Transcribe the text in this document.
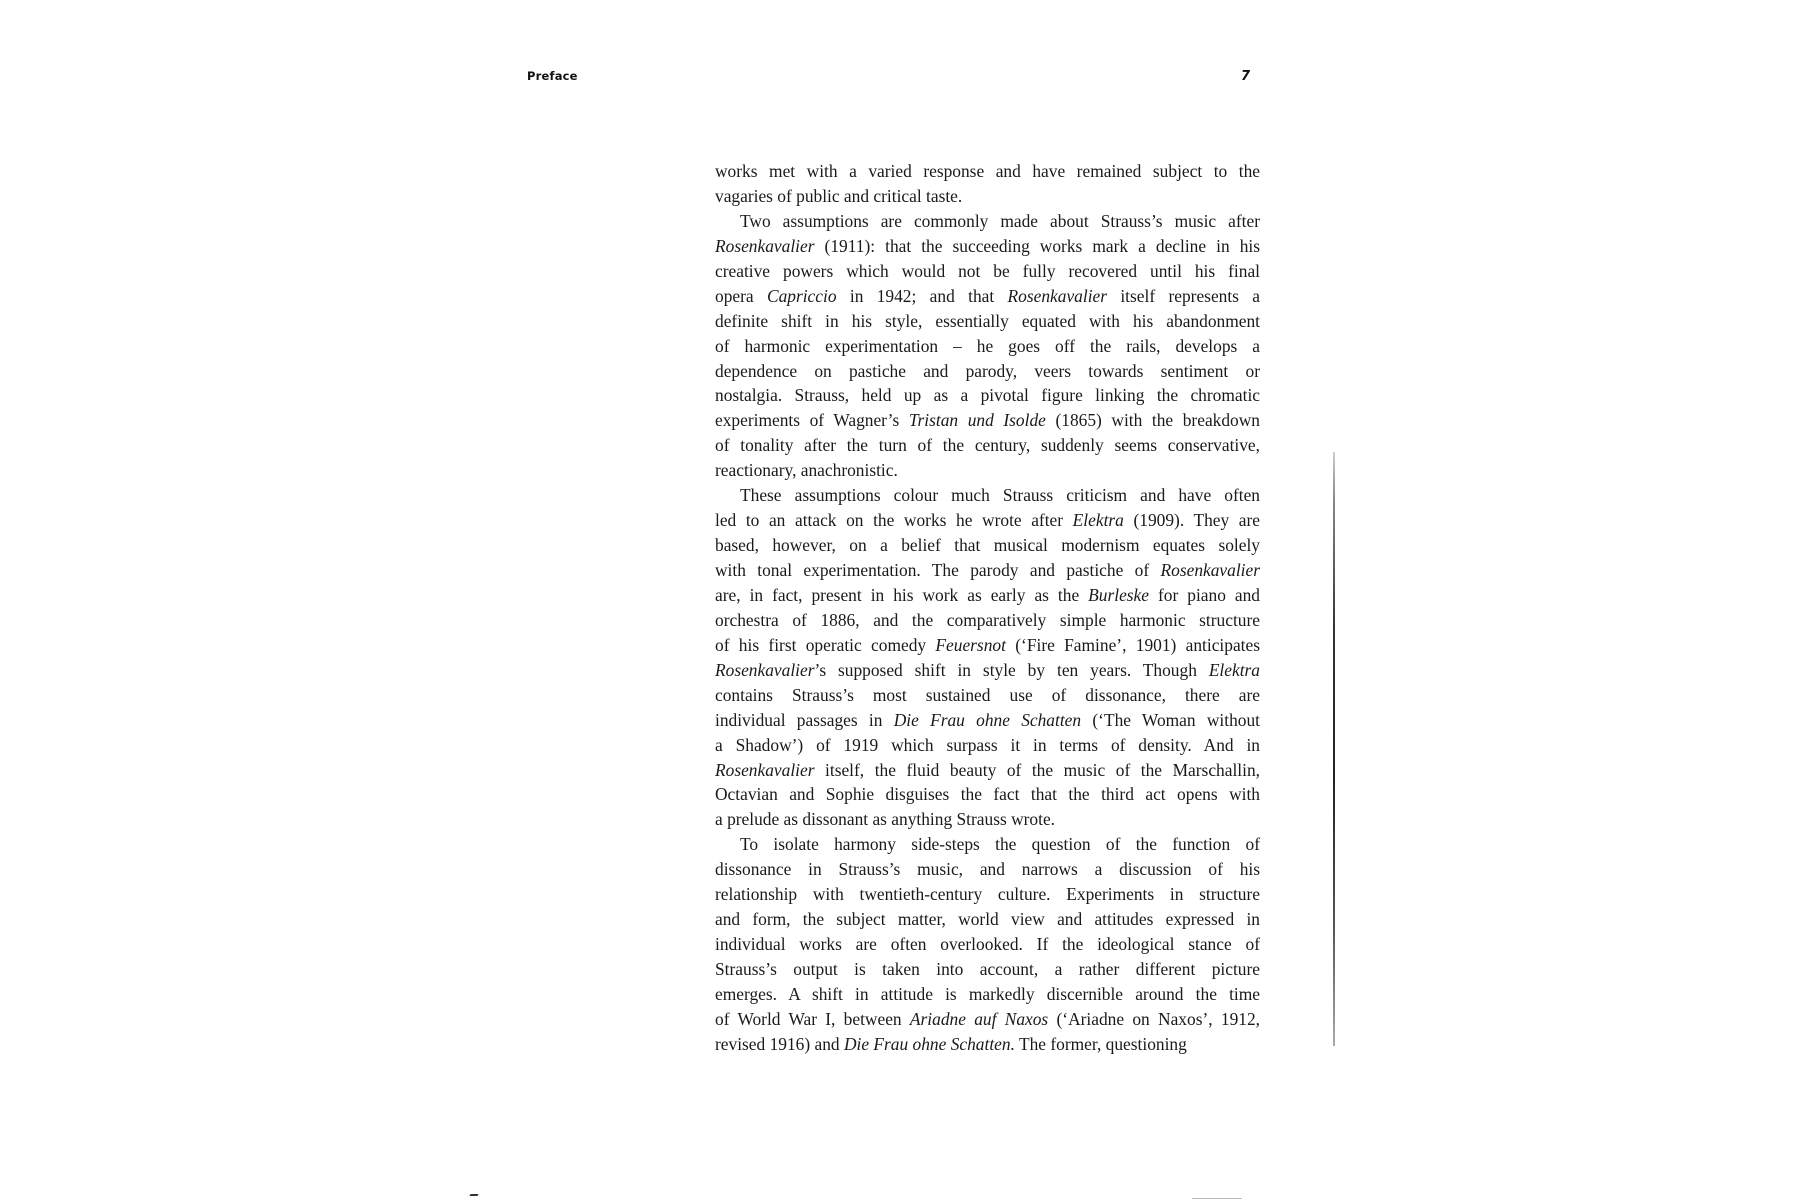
Preface	7
works met with a varied response and have remained subject to the
vagaries of public and critical taste.
Two assumptions are commonly made about Strauss’s music after
Rosenkavalier (1911): that the succeeding works mark a decline in his
creative powers which would not be fully recovered until his final
opera Capriccio in 1942; and that Rosenkavalier itself represents a
definite shift in his style, essentially equated with his abandonment
of harmonic experimentation – he goes off the rails, develops a
dependence on pastiche and parody, veers towards sentiment or
nostalgia. Strauss, held up as a pivotal figure linking the chromatic
experiments of Wagner’s Tristan und Isolde (1865) with the breakdown
of tonality after the turn of the century, suddenly seems conservative,
reactionary, anachronistic.
These assumptions colour much Strauss criticism and have often
led to an attack on the works he wrote after Elektra (1909). They are
based, however, on a belief that musical modernism equates solely
with tonal experimentation. The parody and pastiche of Rosenkavalier
are, in fact, present in his work as early as the Burleske for piano and
orchestra of 1886, and the comparatively simple harmonic structure
of his first operatic comedy Feuersnot (‘Fire Famine’, 1901) anticipates
Rosenkavalier’s supposed shift in style by ten years. Though Elektra
contains Strauss’s most sustained use of dissonance, there are
individual passages in Die Frau ohne Schatten (‘The Woman without
a Shadow’) of 1919 which surpass it in terms of density. And in
Rosenkavalier itself, the fluid beauty of the music of the Marschallin,
Octavian and Sophie disguises the fact that the third act opens with
a prelude as dissonant as anything Strauss wrote.
To isolate harmony side-steps the question of the function of
dissonance in Strauss’s music, and narrows a discussion of his
relationship with twentieth-century culture. Experiments in structure
and form, the subject matter, world view and attitudes expressed in
individual works are often overlooked. If the ideological stance of
Strauss’s output is taken into account, a rather different picture
emerges. A shift in attitude is markedly discernible around the time
of World War I, between Ariadne auf Naxos (‘Ariadne on Naxos’, 1912,
revised 1916) and Die Frau ohne Schatten. The former, questioning
